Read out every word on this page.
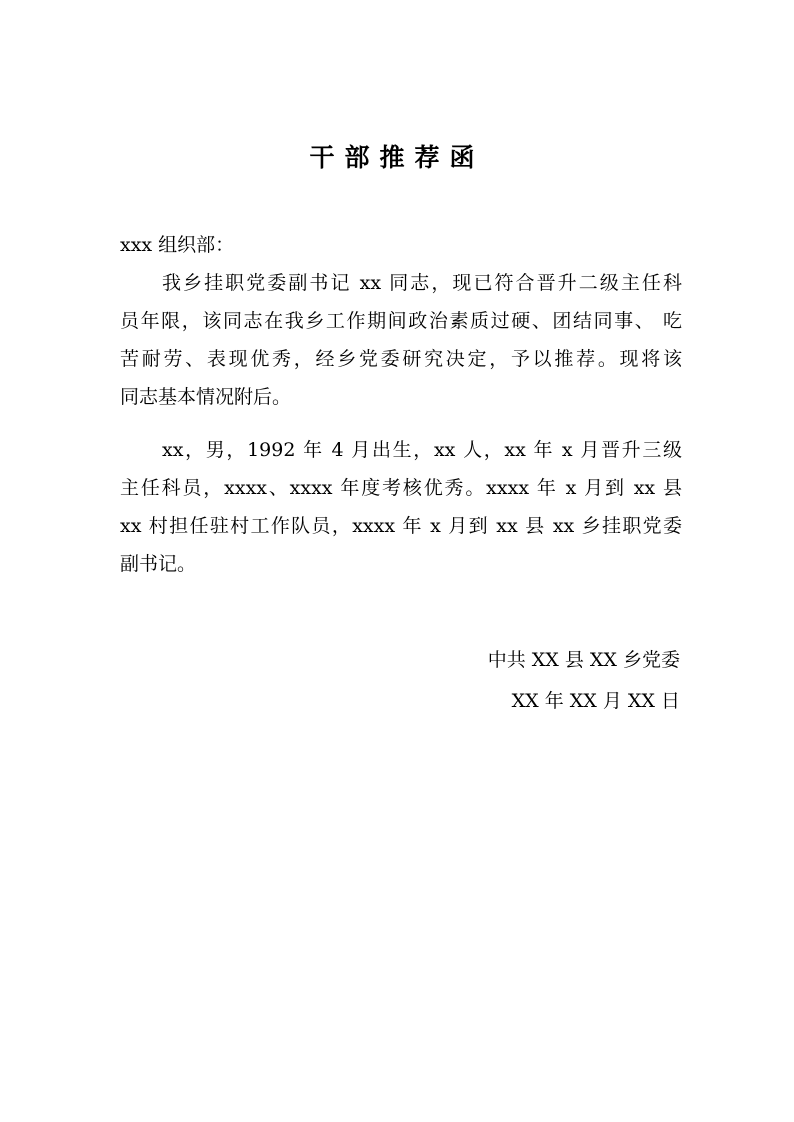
干部推荐函
xxx 组织部：
我乡挂职党委副书记 xx 同志，现已符合晋升二级主任科
员年限，该同志在我乡工作期间政治素质过硬、团结同事、 吃
苦耐劳、表现优秀，经乡党委研究决定，予以推荐。现将该
同志基本情况附后。
xx，男，1992 年 4 月出生，xx 人，xx 年 x 月晋升三级
主任科员，xxxx、xxxx 年度考核优秀。xxxx 年 x 月到 xx 县
xx 村担任驻村工作队员，xxxx 年 x 月到 xx 县 xx 乡挂职党委
副书记。
中共 XX 县 XX 乡党委
XX 年 XX 月 XX 日
